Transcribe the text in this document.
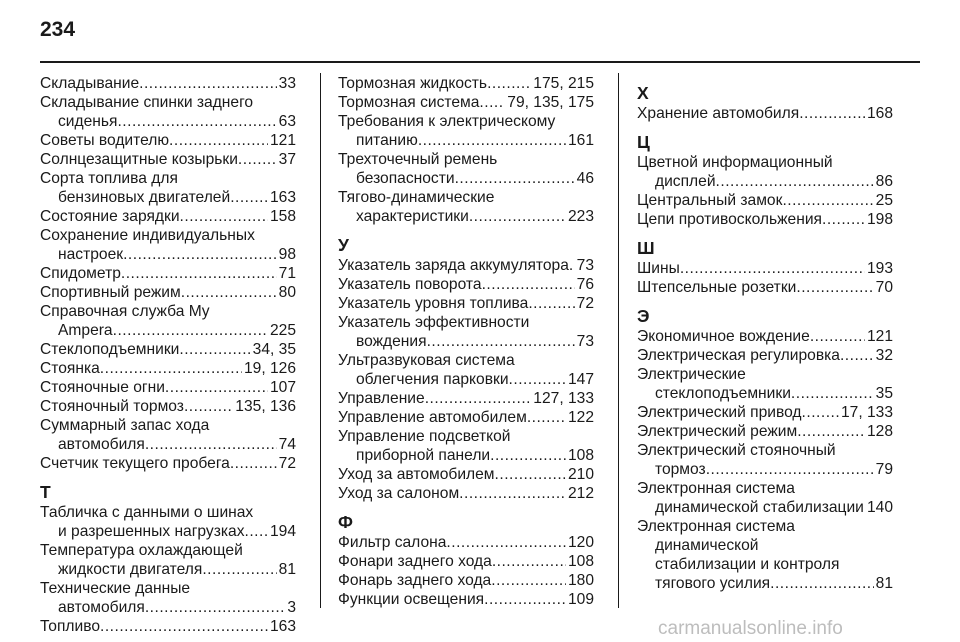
234
Складывание .....	33
Складывание спинки заднего
сиденья .....	63
Советы водителю .....	121
Солнцезащитные козырьки .....	37
Сорта топлива для
бензиновых двигателей .....	163
Состояние зарядки .....	158
Сохранение индивидуальных
настроек .....	98
Спидометр .....	71
Спортивный режим .....	80
Справочная служба My
Ampera .....	225
Стеклоподъемники .....	34, 35
Стоянка .....	19, 126
Стояночные огни .....	107
Стояночный тормоз .....	135, 136
Суммарный запас хода
автомобиля .....	74
Счетчик текущего пробега .....	72
Т
Табличка с данными о шинах
и разрешенных нагрузках ..... 194
Температура охлаждающей
жидкости двигателя .....	81
Технические данные
автомобиля .....	3
Топливо .....	163
Тормозная жидкость .....	175, 215
Тормозная система ..... 79, 135, 175
Требования к электрическому
питанию .....	161
Трехточечный ремень
безопасности .....	46
Тягово-динамические
характеристики .....	223
У
Указатель заряда аккумулятора ..... 73
Указатель поворота .....	76
Указатель уровня топлива .....	72
Указатель эффективности
вождения .....	73
Ультразвуковая система
облегчения парковки .....	147
Управление .....	127, 133
Управление автомобилем .....	122
Управление подсветкой
приборной панели .....	108
Уход за автомобилем .....	210
Уход за салоном .....	212
Ф
Фильтр салона .....	120
Фонари заднего хода .....	108
Фонарь заднего хода .....	180
Функции освещения .....	109
Х
Хранение автомобиля .....	168
Ц
Цветной информационный
дисплей .....	86
Центральный замок .....	25
Цепи противоскольжения .....	198
Ш
Шины .....	193
Штепсельные розетки .....	70
Э
Экономичное вождение .....	121
Электрическая регулировка ..... 32
Электрические
стеклоподъемники .....	35
Электрический привод .....	17, 133
Электрический режим .....	128
Электрический стояночный
тормоз .....	79
Электронная система
динамической стабилизации ..... 140
Электронная система
динамической
стабилизации и контроля
тягового усилия .....	81
carmanualsonline.info
